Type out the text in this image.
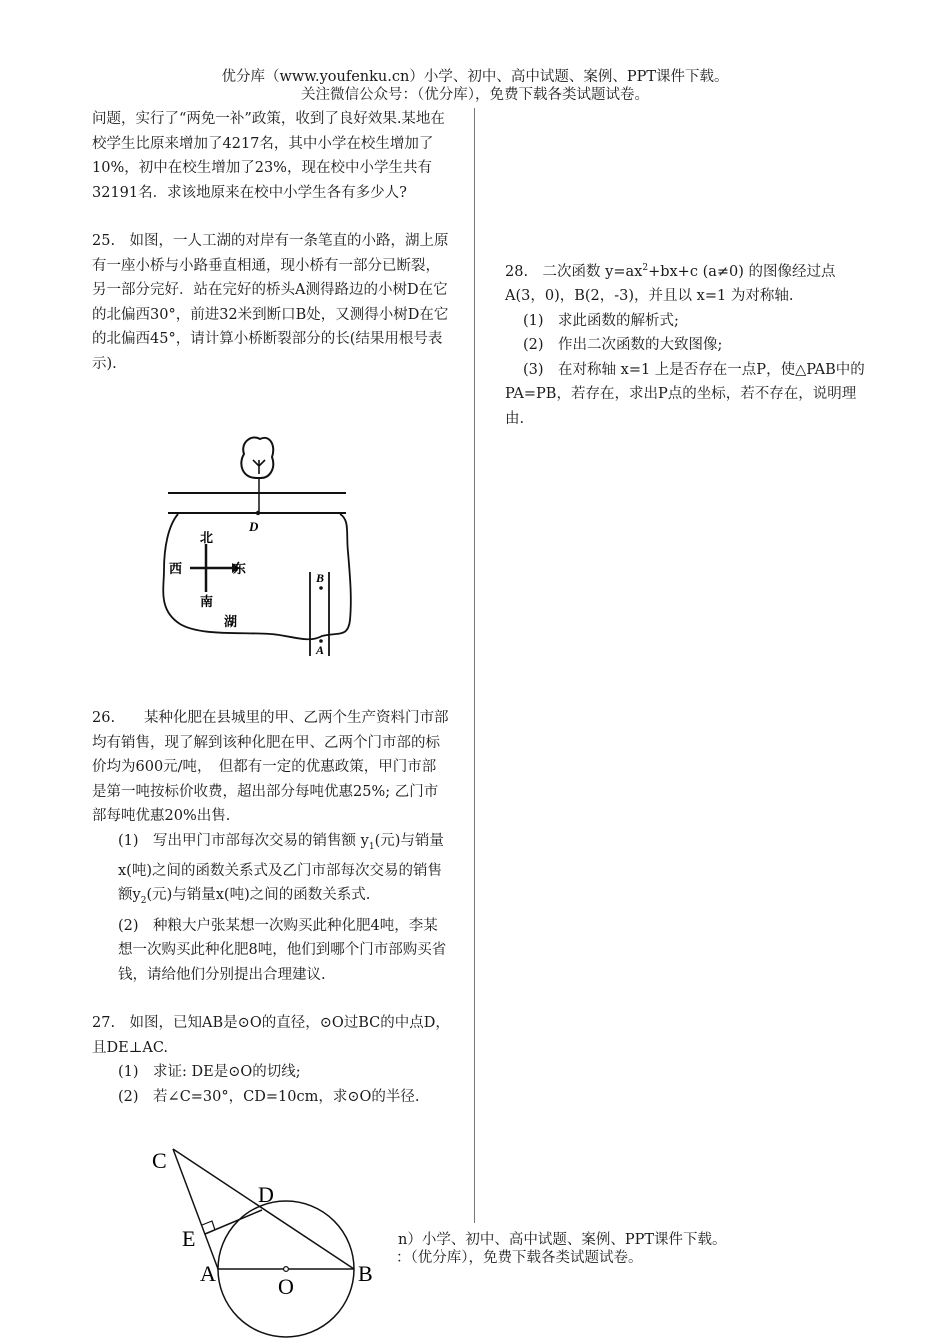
优分库（www.youfenku.cn）小学、初中、高中试题、案例、PPT课件下载。
关注微信公众号：（优分库），免费下载各类试题试卷。

问题，实行了“两免一补”政策，收到了良好效果.某地在校学生比原来增加了4217名，其中小学在校生增加了10%，初中在校生增加了23%，现在校中小学生共有32191名．求该地原来在校中小学生各有多少人?

25.　如图，一人工湖的对岸有一条笔直的小路，湖上原有一座小桥与小路垂直相通，现小桥有一部分已断裂，另一部分完好．站在完好的桥头A测得路边的小树D在它的北偏西30°，前进32米到断口B处，又测得小树D在它的北偏西45°，请计算小桥断裂部分的长(结果用根号表示).

D
北
南
西	东
湖
B
A

26.　　某种化肥在县城里的甲、乙两个生产资料门市部均有销售，现了解到该种化肥在甲、乙两个门市部的标价均为600元/吨，　但都有一定的优惠政策，甲门市部是第一吨按标价收费，超出部分每吨优惠25%; 乙门市部每吨优惠20%出售.

(1)　写出甲门市部每次交易的销售额 $y_1$(元)与销量x(吨)之间的函数关系式及乙门市部每次交易的销售额$y_2$(元)与销量x(吨)之间的函数关系式.

(2)　种粮大户张某想一次购买此种化肥4吨，李某想一次购买此种化肥8吨，他们到哪个门市部购买省钱，请给他们分别提出合理建议.

27.　如图，已知AB是⊙O的直径，⊙O过BC的中点D，且DE⊥AC.

(1)　求证: DE是⊙O的切线;

(2)　若∠C=30°，CD=10cm，求⊙O的半径.

C
D
E
A
O
B

28.　二次函数 $y=ax^2+bx+c$ (a≠0) 的图像经过点A(3，0)，B(2，-3)，并且以 x=1 为对称轴.

(1)　求此函数的解析式;

(2)　作出二次函数的大致图像;

(3)　在对称轴 x=1 上是否存在一点P，使△PAB中的PA=PB，若存在，求出P点的坐标，若不存在，说明理由.

n）小学、初中、高中试题、案例、PPT课件下载。
：（优分库），免费下载各类试题试卷。
